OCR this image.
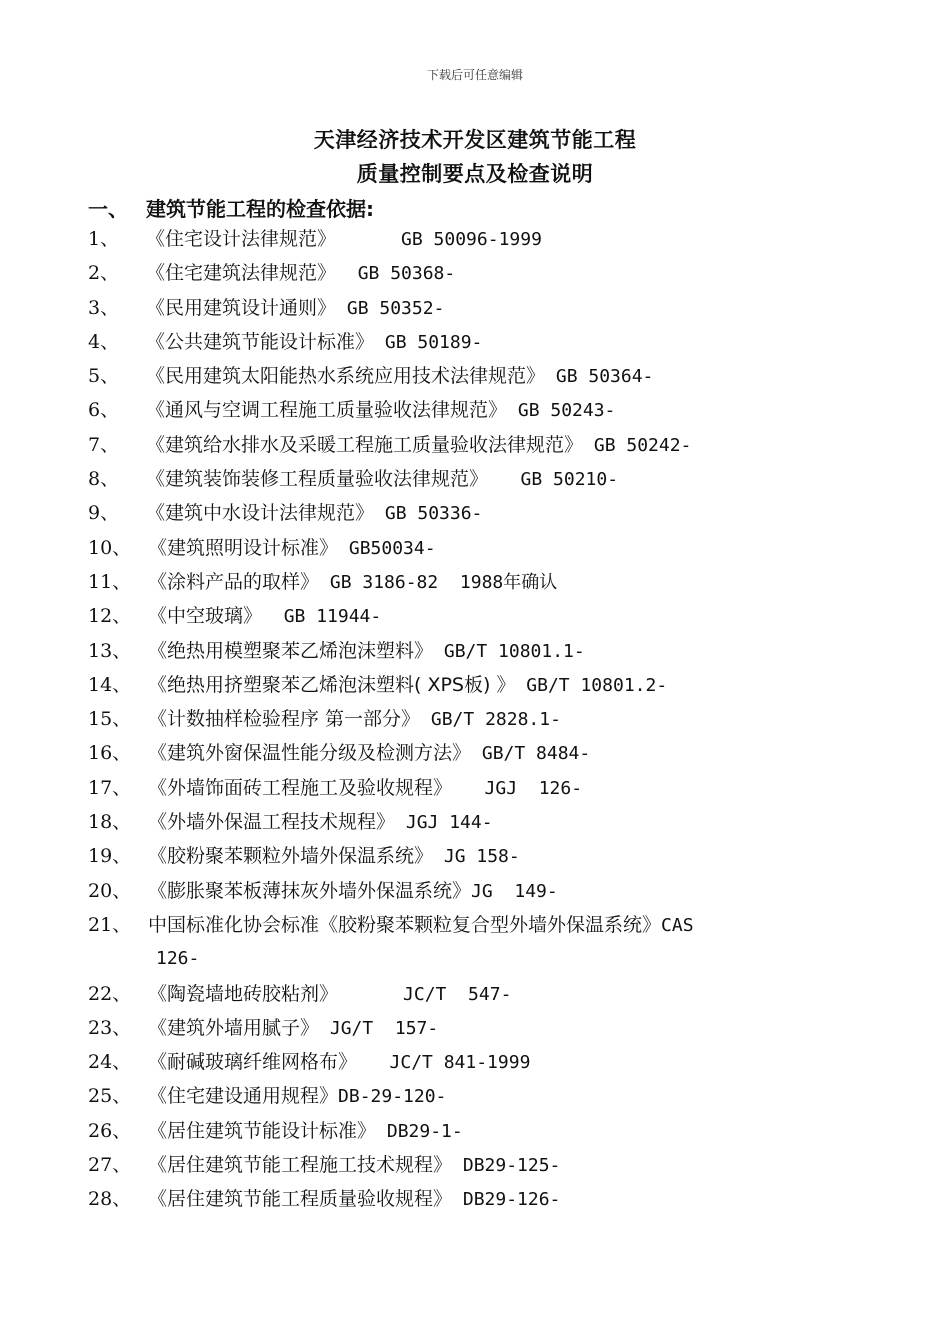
下载后可任意编辑
天津经济技术开发区建筑节能工程
质量控制要点及检查说明
一、 建筑节能工程的检查依据:
1、 《住宅设计法律规范》      GB 50096-1999
2、 《住宅建筑法律规范》  GB 50368-
3、 《民用建筑设计通则》 GB 50352-
4、 《公共建筑节能设计标准》 GB 50189-
5、 《民用建筑太阳能热水系统应用技术法律规范》 GB 50364-
6、 《通风与空调工程施工质量验收法律规范》 GB 50243-
7、 《建筑给水排水及采暖工程施工质量验收法律规范》 GB 50242-
8、 《建筑装饰装修工程质量验收法律规范》   GB 50210-
9、 《建筑中水设计法律规范》 GB 50336-
10、 《建筑照明设计标准》 GB50034-
11、 《涂料产品的取样》 GB 3186-82  1988年确认
12、 《中空玻璃》  GB 11944-
13、 《绝热用模塑聚苯乙烯泡沫塑料》 GB/T 10801.1-
14、 《绝热用挤塑聚苯乙烯泡沫塑料( XPS板) 》 GB/T 10801.2-
15、 《计数抽样检验程序 第一部分》 GB/T 2828.1-
16、 《建筑外窗保温性能分级及检测方法》 GB/T 8484-
17、 《外墙饰面砖工程施工及验收规程》   JGJ  126-
18、 《外墙外保温工程技术规程》 JGJ 144-
19、 《胶粉聚苯颗粒外墙外保温系统》 JG 158-
20、 《膨胀聚苯板薄抹灰外墙外保温系统》JG  149-
21、 中国标准化协会标准《胶粉聚苯颗粒复合型外墙外保温系统》CAS
126-
22、 《陶瓷墙地砖胶粘剂》      JC/T  547-
23、 《建筑外墙用腻子》 JG/T  157-
24、 《耐碱玻璃纤维网格布》   JC/T 841-1999
25、 《住宅建设通用规程》DB-29-120-
26、 《居住建筑节能设计标准》 DB29-1-
27、 《居住建筑节能工程施工技术规程》 DB29-125-
28、 《居住建筑节能工程质量验收规程》 DB29-126-
